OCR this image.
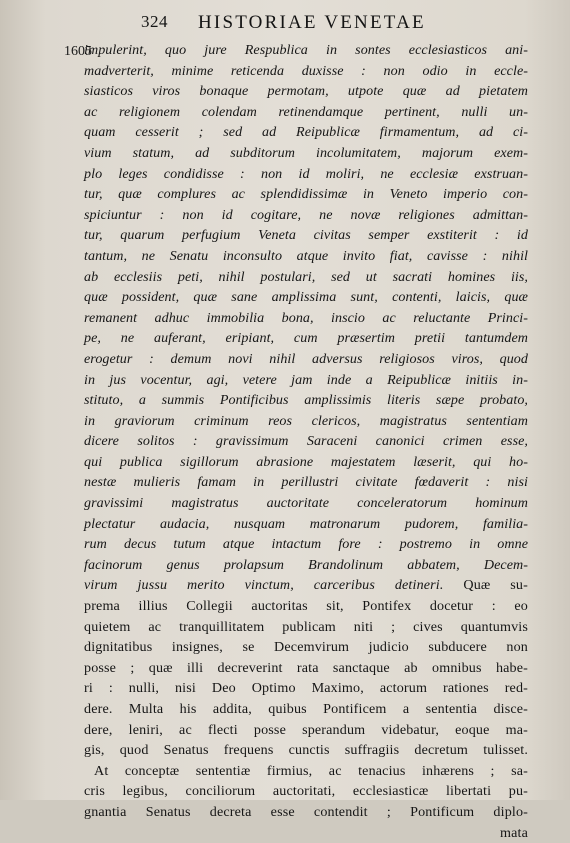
324 HISTORIAE VENETAE
1605
impulerint, quo jure Respublica in sontes ecclesiasticos ani-
madverterit, minime reticenda duxisse : non odio in eccle-
siasticos viros bonaque permotam, utpote quæ ad pietatem
ac religionem colendam retinendamque pertinent, nulli un-
quam cesserit ; sed ad Reipublicæ firmamentum, ad ci-
vium statum, ad subditorum incolumitatem, majorum exem-
plo leges condidisse : non id moliri, ne ecclesiæ exstruan-
tur, quæ complures ac splendidissimæ in Veneto imperio con-
spiciuntur : non id cogitare, ne novæ religiones admittan-
tur, quarum perfugium Veneta civitas semper exstiterit : id
tantum, ne Senatu inconsulto atque invito fiat, cavisse : nihil
ab ecclesiis peti, nihil postulari, sed ut sacrati homines iis,
quæ possident, quæ sane amplissima sunt, contenti, laicis, quæ
remanent adhuc immobilia bona, inscio ac reluctante Princi-
pe, ne auferant, eripiant, cum præsertim pretii tantumdem
erogetur : demum novi nihil adversus religiosos viros, quod
in jus vocentur, agi, vetere jam inde a Reipublicæ initiis in-
stituto, a summis Pontificibus amplissimis literis sæpe probato,
in graviorum criminum reos clericos, magistratus sententiam
dicere solitos : gravissimum Saraceni canonici crimen esse,
qui publica sigillorum abrasione majestatem læserit, qui ho-
nestæ mulieris famam in perillustri civitate fœdaverit : nisi
gravissimi magistratus auctoritate conceleratorum hominum
plectatur audacia, nusquam matronarum pudorem, familia-
rum decus tutum atque intactum fore : postremo in omne
facinorum genus prolapsum Brandolinum abbatem, Decem-
virum jussu merito vinctum, carceribus detineri. Quæ su-
prema illius Collegii auctoritas sit, Pontifex docetur : eo
quietem ac tranquillitatem publicam niti ; cives quantumvis
dignitatibus insignes, se Decemvirum judicio subducere non
posse ; quæ illi decreverint rata sanctaque ab omnibus habe-
ri : nulli, nisi Deo Optimo Maximo, actorum rationes red-
dere. Multa his addita, quibus Pontificem a sententia disce-
dere, leniri, ac flecti posse sperandum videbatur, eoque ma-
gis, quod Senatus frequens cunctis suffragiis decretum tulisset.
At conceptæ sententiæ firmius, ac tenacius inhærens ; sa-
cris legibus, conciliorum auctoritati, ecclesiasticæ libertati pu-
gnantia Senatus decreta esse contendit ; Pontificum diplo-
mata
